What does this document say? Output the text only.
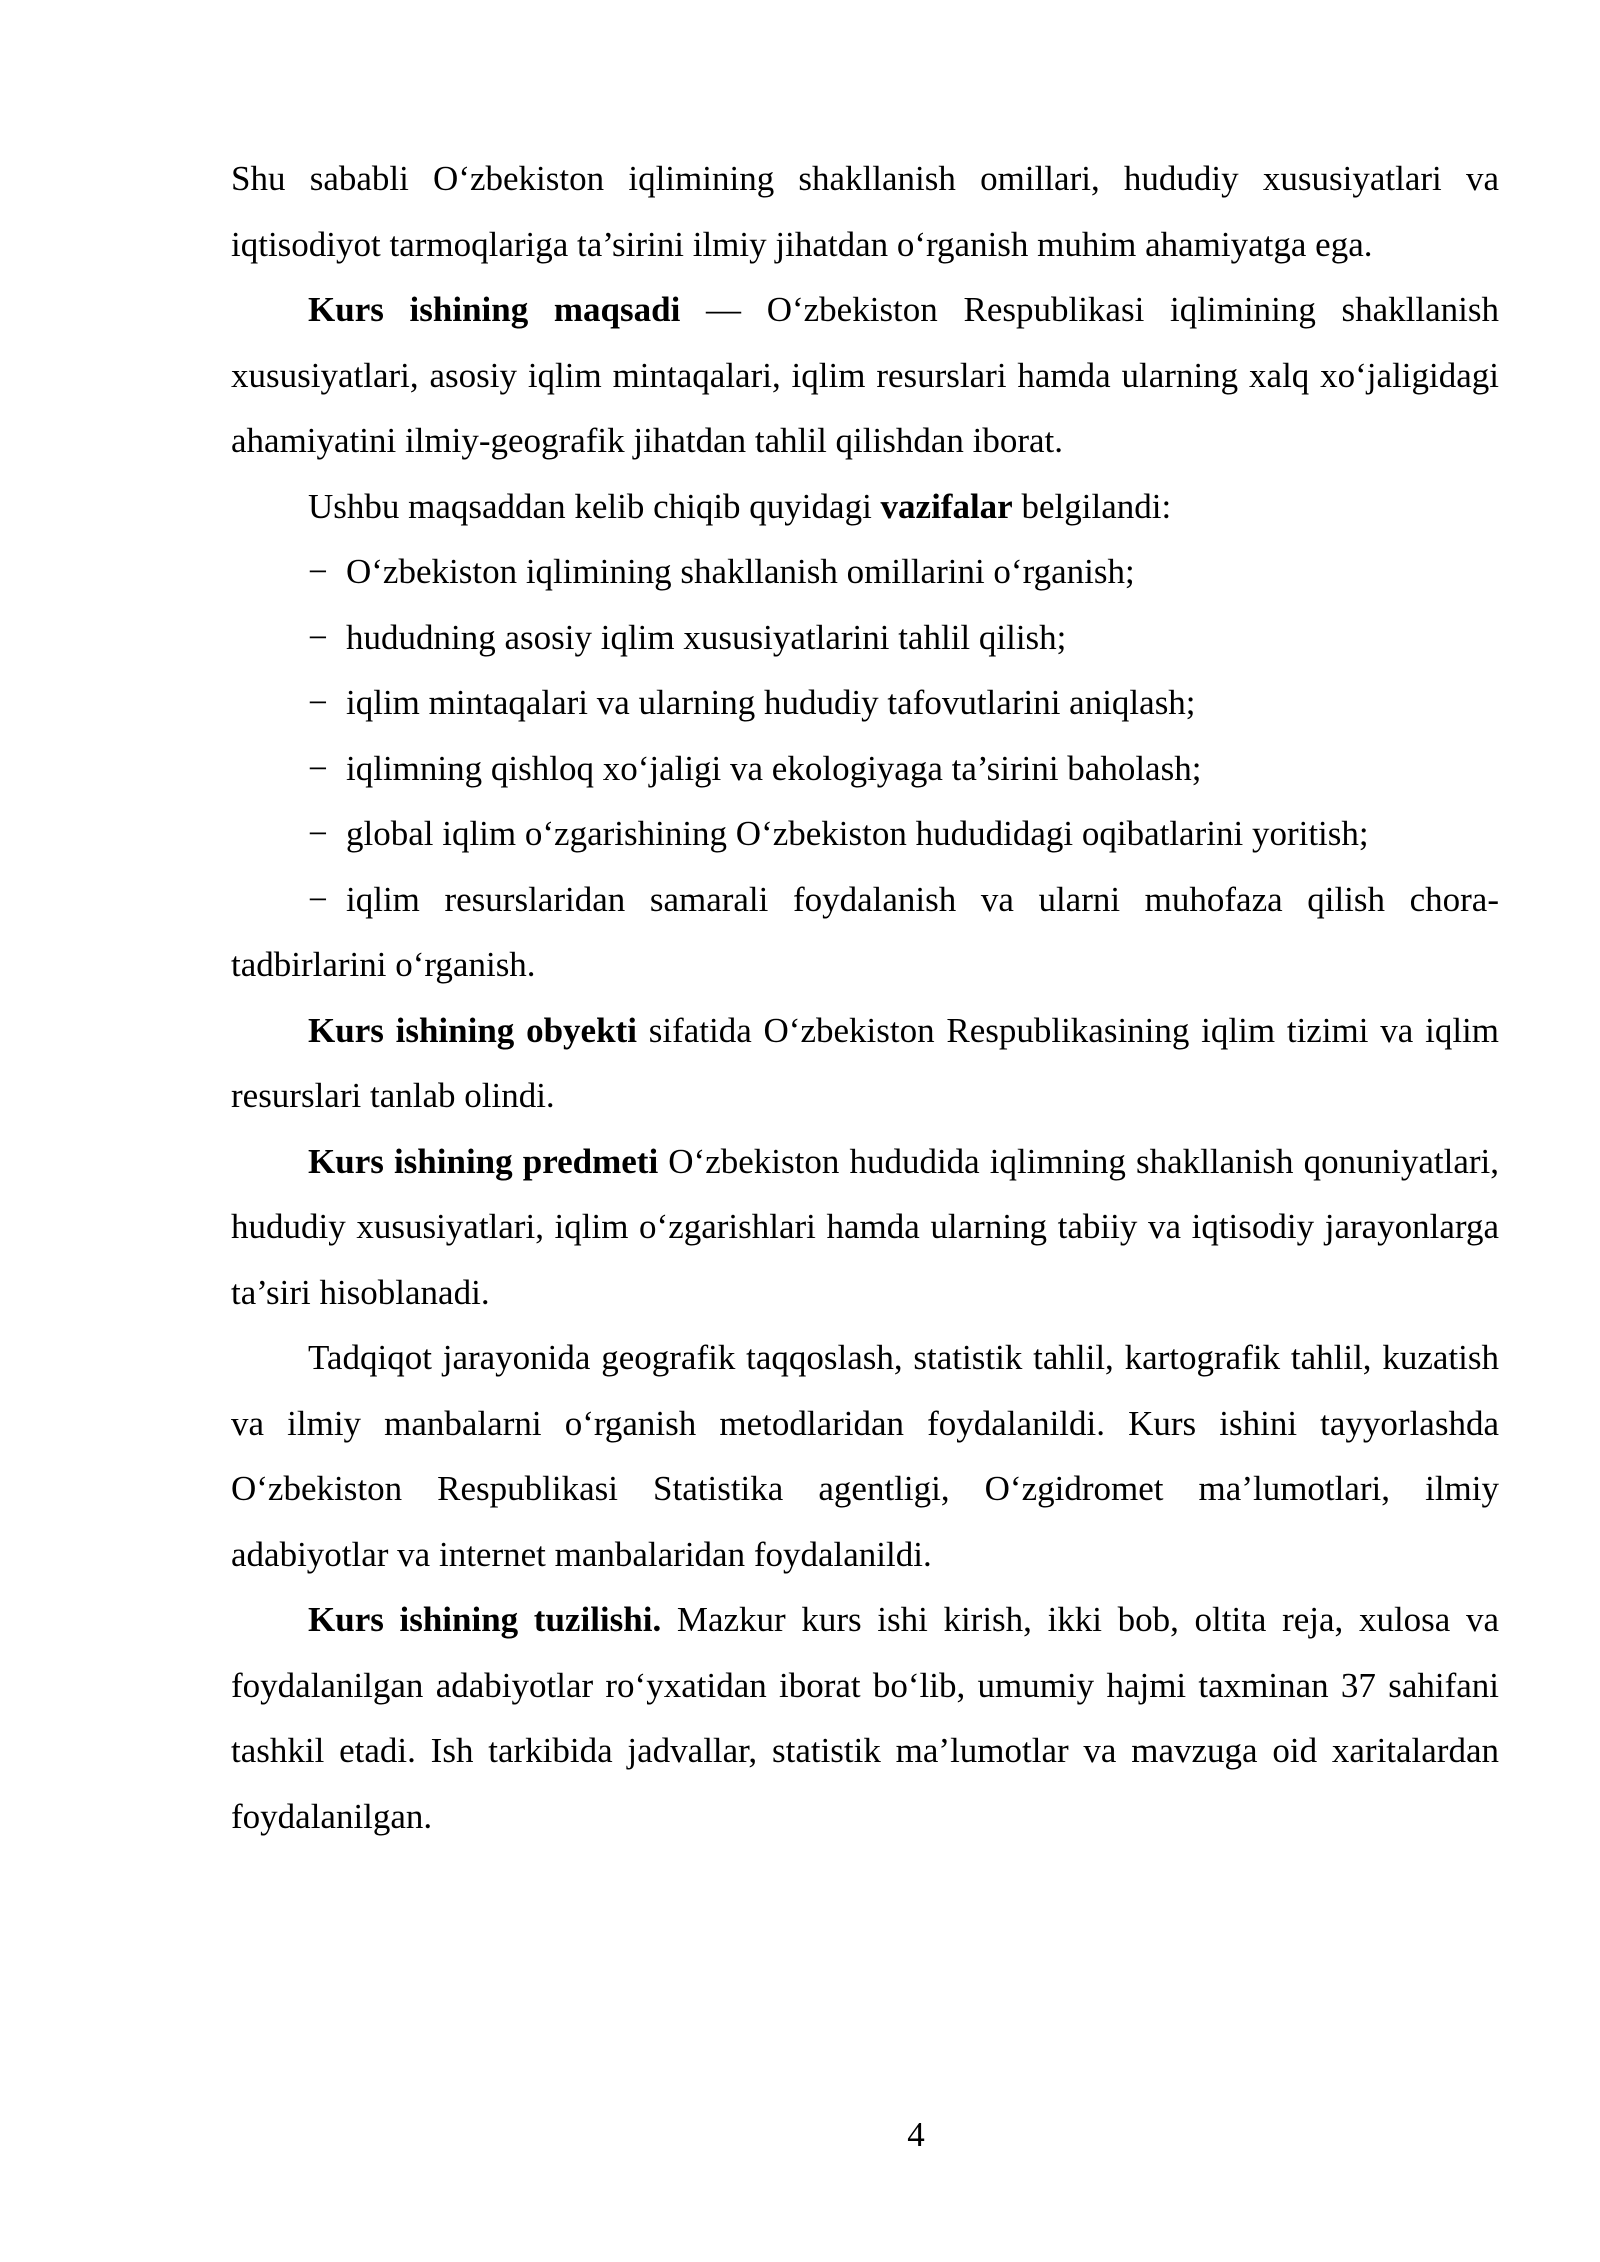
Shu sababli O‘zbekiston iqlimining shakllanish omillari, hududiy xususiyatlari va iqtisodiyot tarmoqlariga ta’sirini ilmiy jihatdan o‘rganish muhim ahamiyatga ega.

Kurs ishining maqsadi — O‘zbekiston Respublikasi iqlimining shakllanish xususiyatlari, asosiy iqlim mintaqalari, iqlim resurslari hamda ularning xalq xo‘jaligidagi ahamiyatini ilmiy-geografik jihatdan tahlil qilishdan iborat.

Ushbu maqsaddan kelib chiqib quyidagi vazifalar belgilandi:

− O‘zbekiston iqlimining shakllanish omillarini o‘rganish;

− hududning asosiy iqlim xususiyatlarini tahlil qilish;

− iqlim mintaqalari va ularning hududiy tafovutlarini aniqlash;

− iqlimning qishloq xo‘jaligi va ekologiyaga ta’sirini baholash;

− global iqlim o‘zgarishining O‘zbekiston hududidagi oqibatlarini yoritish;

− iqlim resurslaridan samarali foydalanish va ularni muhofaza qilish chora-tadbirlarini o‘rganish.

Kurs ishining obyekti sifatida O‘zbekiston Respublikasining iqlim tizimi va iqlim resurslari tanlab olindi.

Kurs ishining predmeti O‘zbekiston hududida iqlimning shakllanish qonuniyatlari, hududiy xususiyatlari, iqlim o‘zgarishlari hamda ularning tabiiy va iqtisodiy jarayonlarga ta’siri hisoblanadi.

Tadqiqot jarayonida geografik taqqoslash, statistik tahlil, kartografik tahlil, kuzatish va ilmiy manbalarni o‘rganish metodlaridan foydalanildi. Kurs ishini tayyorlashda O‘zbekiston Respublikasi Statistika agentligi, O‘zgidromet ma’lumotlari, ilmiy adabiyotlar va internet manbalaridan foydalanildi.

Kurs ishining tuzilishi. Mazkur kurs ishi kirish, ikki bob, oltita reja, xulosa va foydalanilgan adabiyotlar ro‘yxatidan iborat bo‘lib, umumiy hajmi taxminan 37 sahifani tashkil etadi. Ish tarkibida jadvallar, statistik ma’lumotlar va mavzuga oid xaritalardan foydalanilgan.

4
